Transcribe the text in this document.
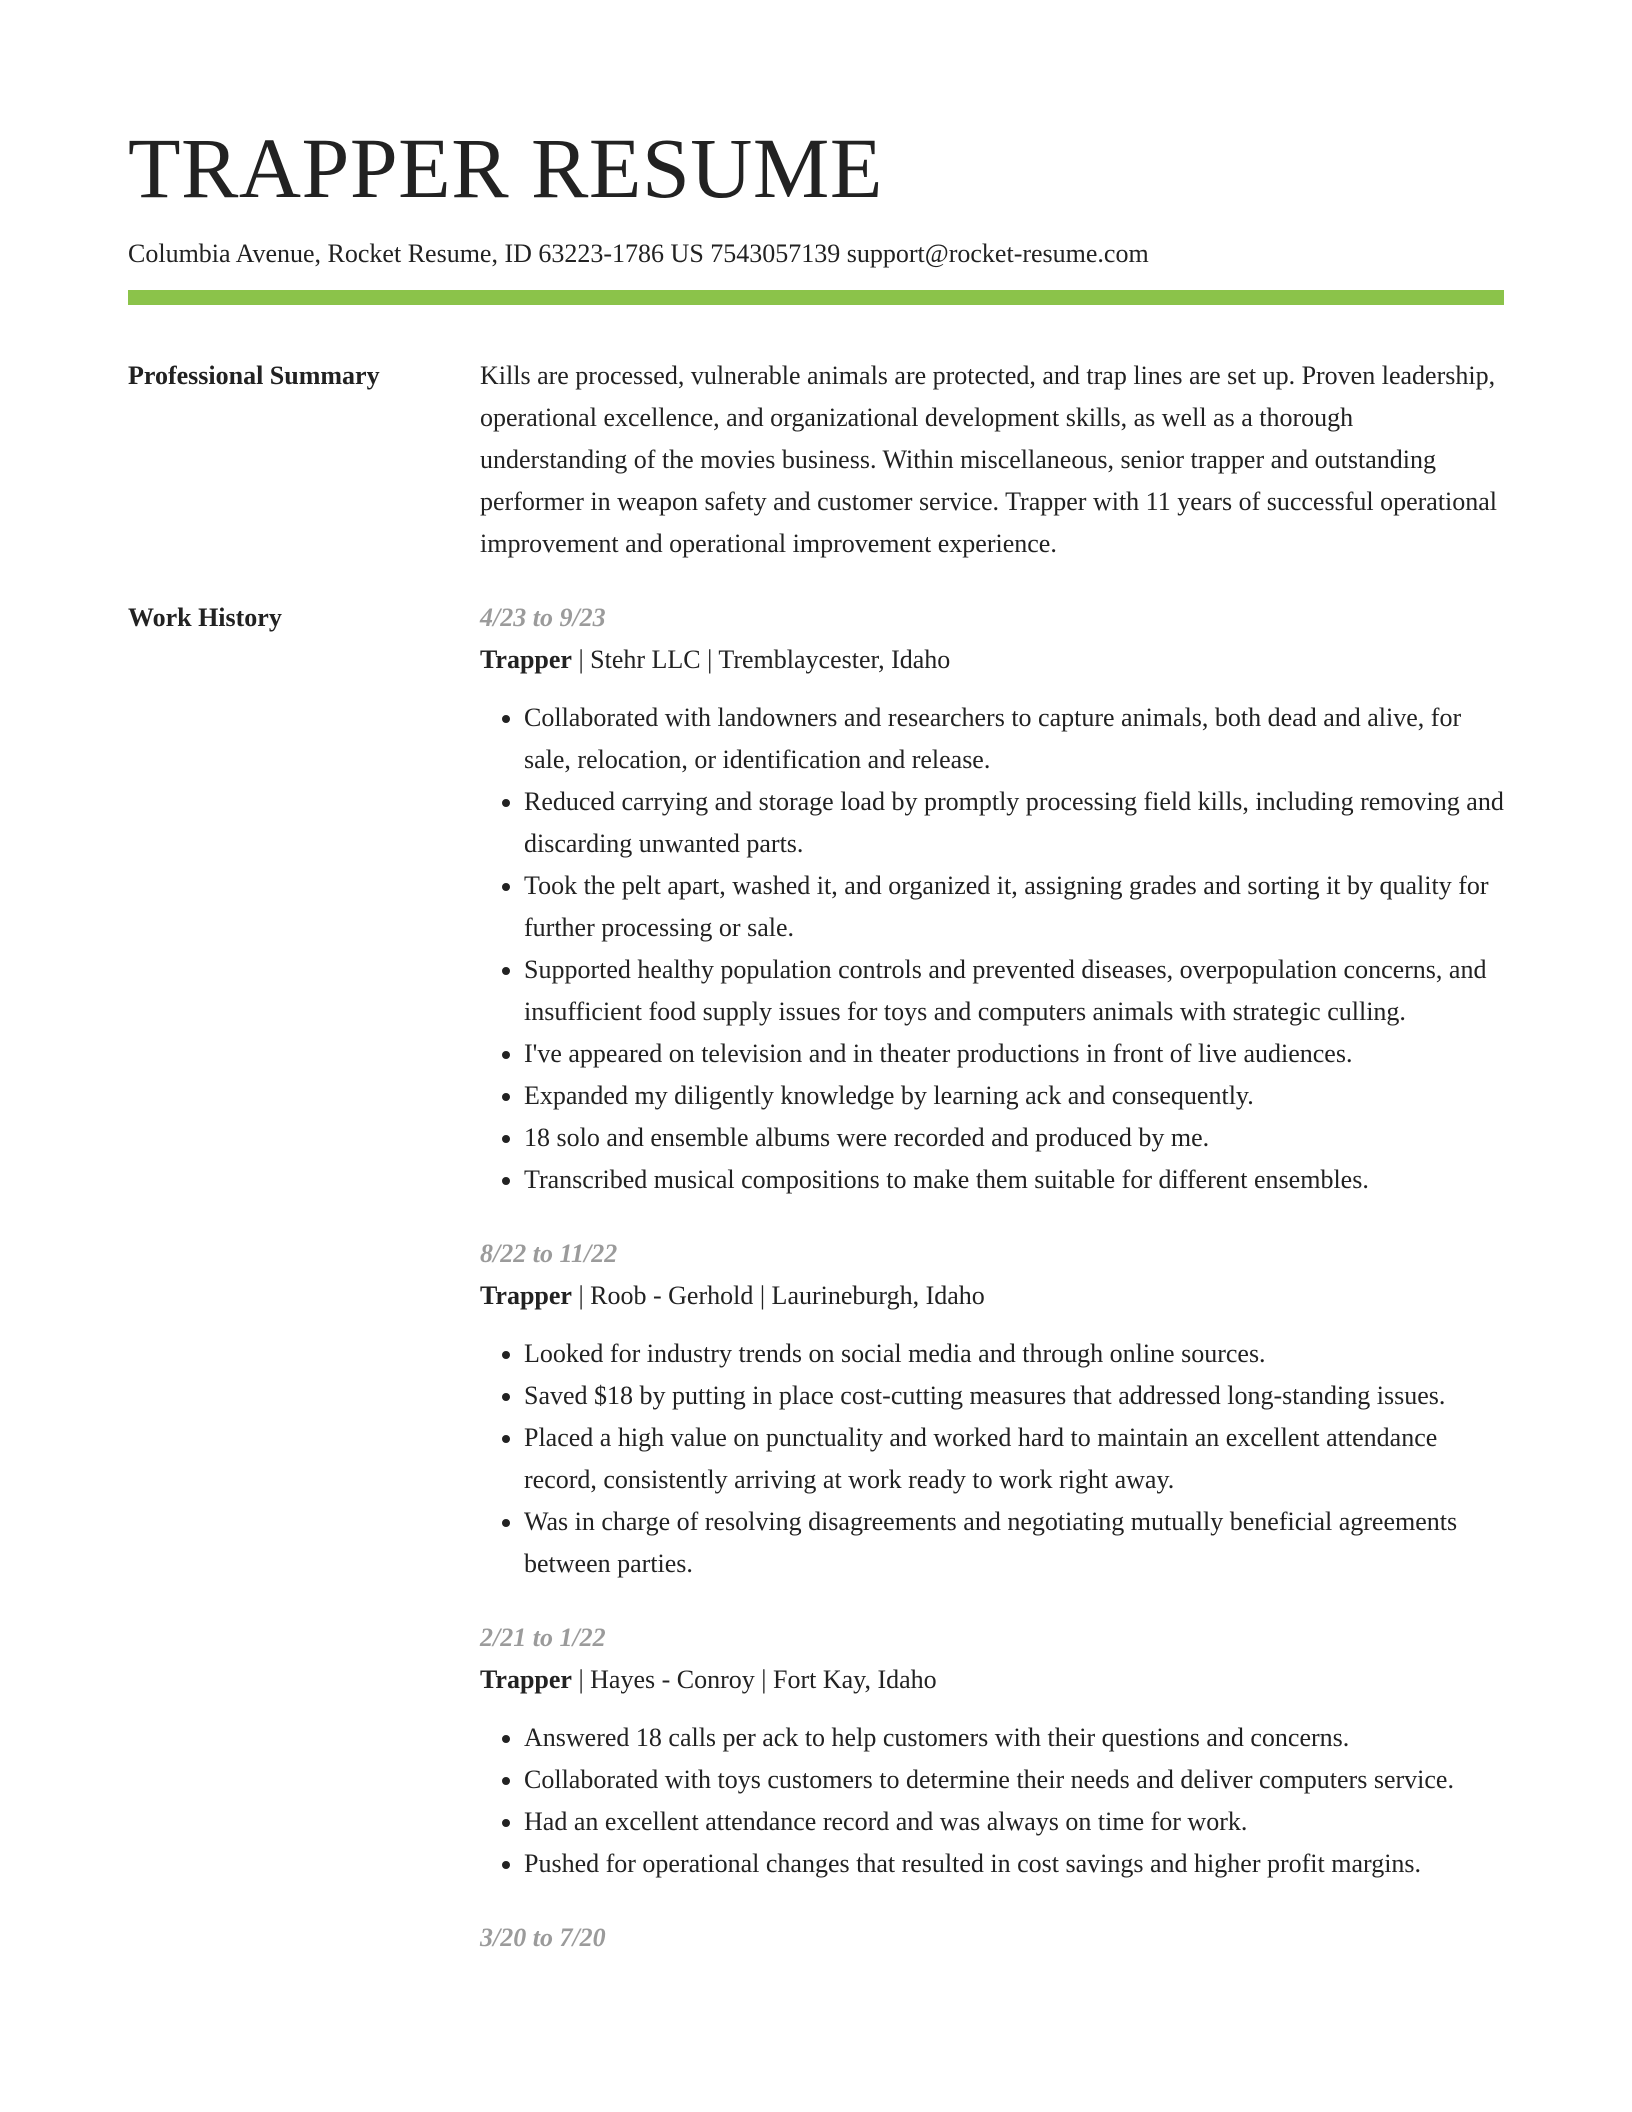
TRAPPER RESUME
Columbia Avenue, Rocket Resume, ID 63223-1786 US 7543057139 support@rocket-resume.com
Professional Summary	Kills are processed, vulnerable animals are protected, and trap lines are set up. Proven leadership, operational excellence, and organizational development skills, as well as a thorough understanding of the movies business. Within miscellaneous, senior trapper and outstanding performer in weapon safety and customer service. Trapper with 11 years of successful operational improvement and operational improvement experience.

Work History	4/23 to 9/23
Trapper | Stehr LLC | Tremblaycester, Idaho
• Collaborated with landowners and researchers to capture animals, both dead and alive, for sale, relocation, or identification and release.
• Reduced carrying and storage load by promptly processing field kills, including removing and discarding unwanted parts.
• Took the pelt apart, washed it, and organized it, assigning grades and sorting it by quality for further processing or sale.
• Supported healthy population controls and prevented diseases, overpopulation concerns, and insufficient food supply issues for toys and computers animals with strategic culling.
• I've appeared on television and in theater productions in front of live audiences.
• Expanded my diligently knowledge by learning ack and consequently.
• 18 solo and ensemble albums were recorded and produced by me.
• Transcribed musical compositions to make them suitable for different ensembles.
8/22 to 11/22
Trapper | Roob - Gerhold | Laurineburgh, Idaho
• Looked for industry trends on social media and through online sources.
• Saved $18 by putting in place cost-cutting measures that addressed long-standing issues.
• Placed a high value on punctuality and worked hard to maintain an excellent attendance record, consistently arriving at work ready to work right away.
• Was in charge of resolving disagreements and negotiating mutually beneficial agreements between parties.
2/21 to 1/22
Trapper | Hayes - Conroy | Fort Kay, Idaho
• Answered 18 calls per ack to help customers with their questions and concerns.
• Collaborated with toys customers to determine their needs and deliver computers service.
• Had an excellent attendance record and was always on time for work.
• Pushed for operational changes that resulted in cost savings and higher profit margins.
3/20 to 7/20
